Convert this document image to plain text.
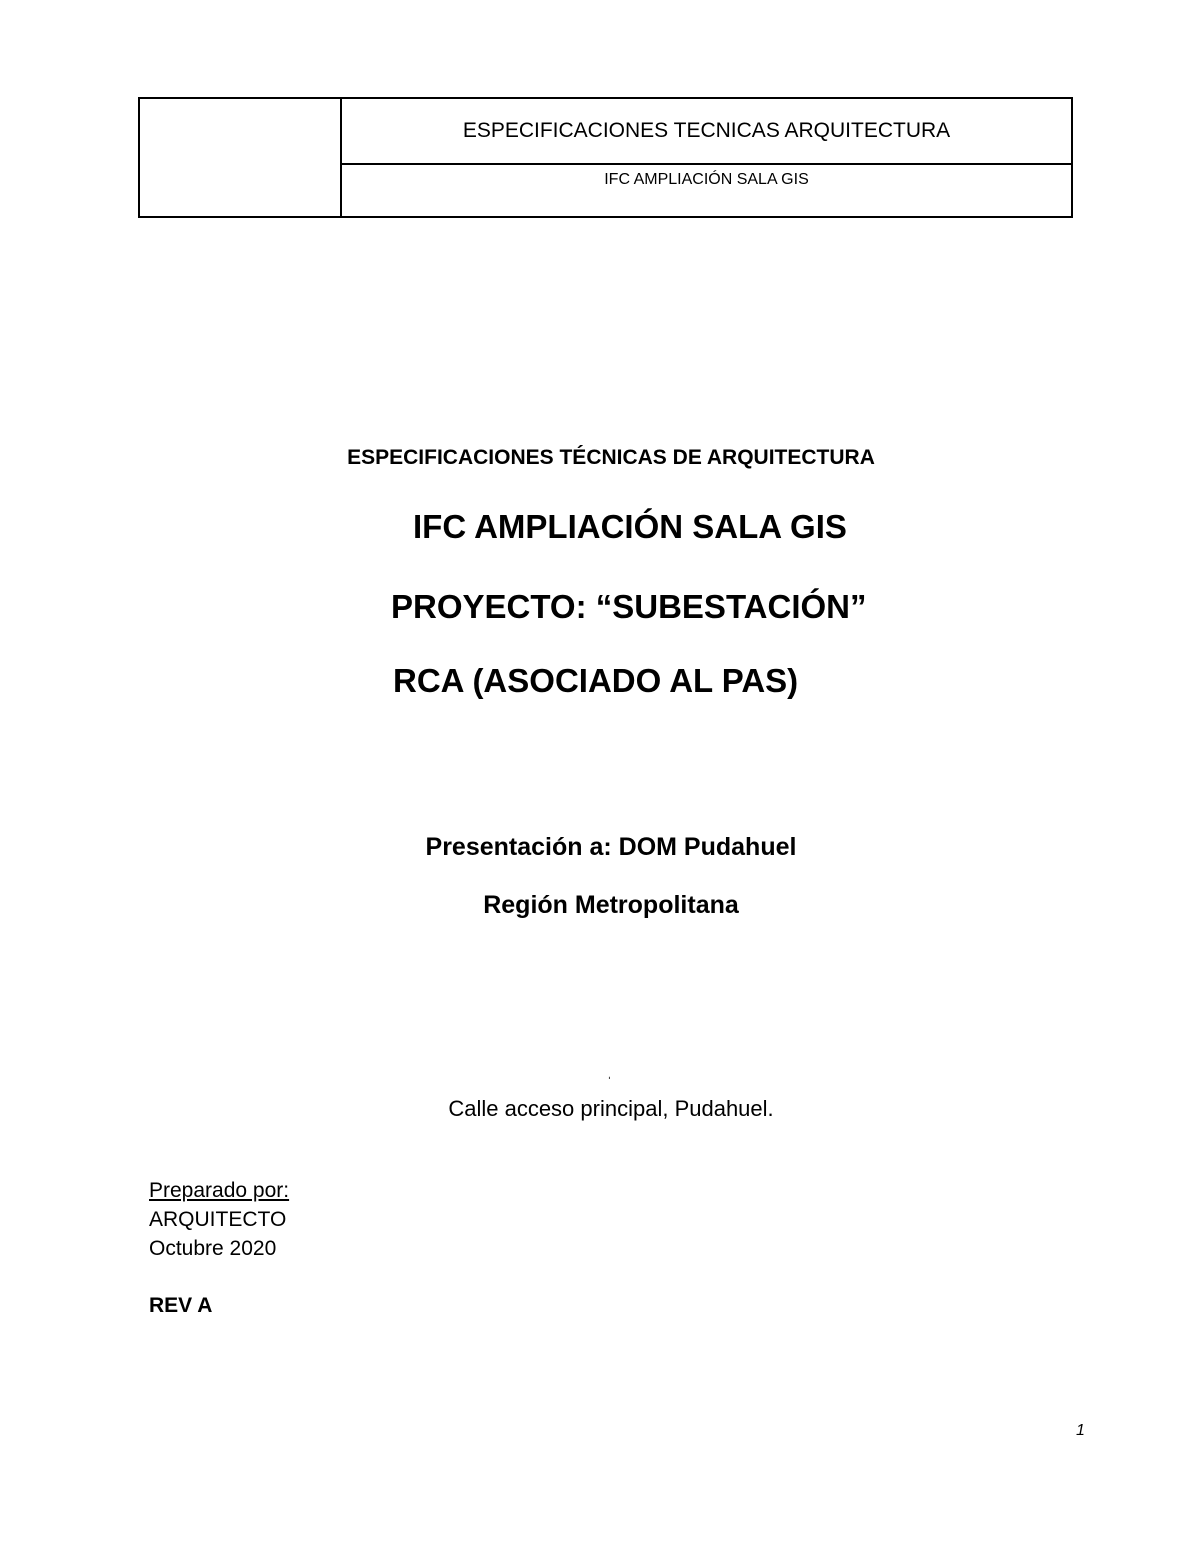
ESPECIFICACIONES TECNICAS ARQUITECTURA
IFC AMPLIACIÓN SALA GIS
ESPECIFICACIONES TÉCNICAS DE ARQUITECTURA
IFC AMPLIACIÓN SALA GIS
PROYECTO: “SUBESTACIÓN”
RCA (ASOCIADO AL PAS)
Presentación a: DOM Pudahuel
Región Metropolitana
ˈ
Calle acceso principal, Pudahuel.
Preparado por:
ARQUITECTO
Octubre 2020
REV A
1
